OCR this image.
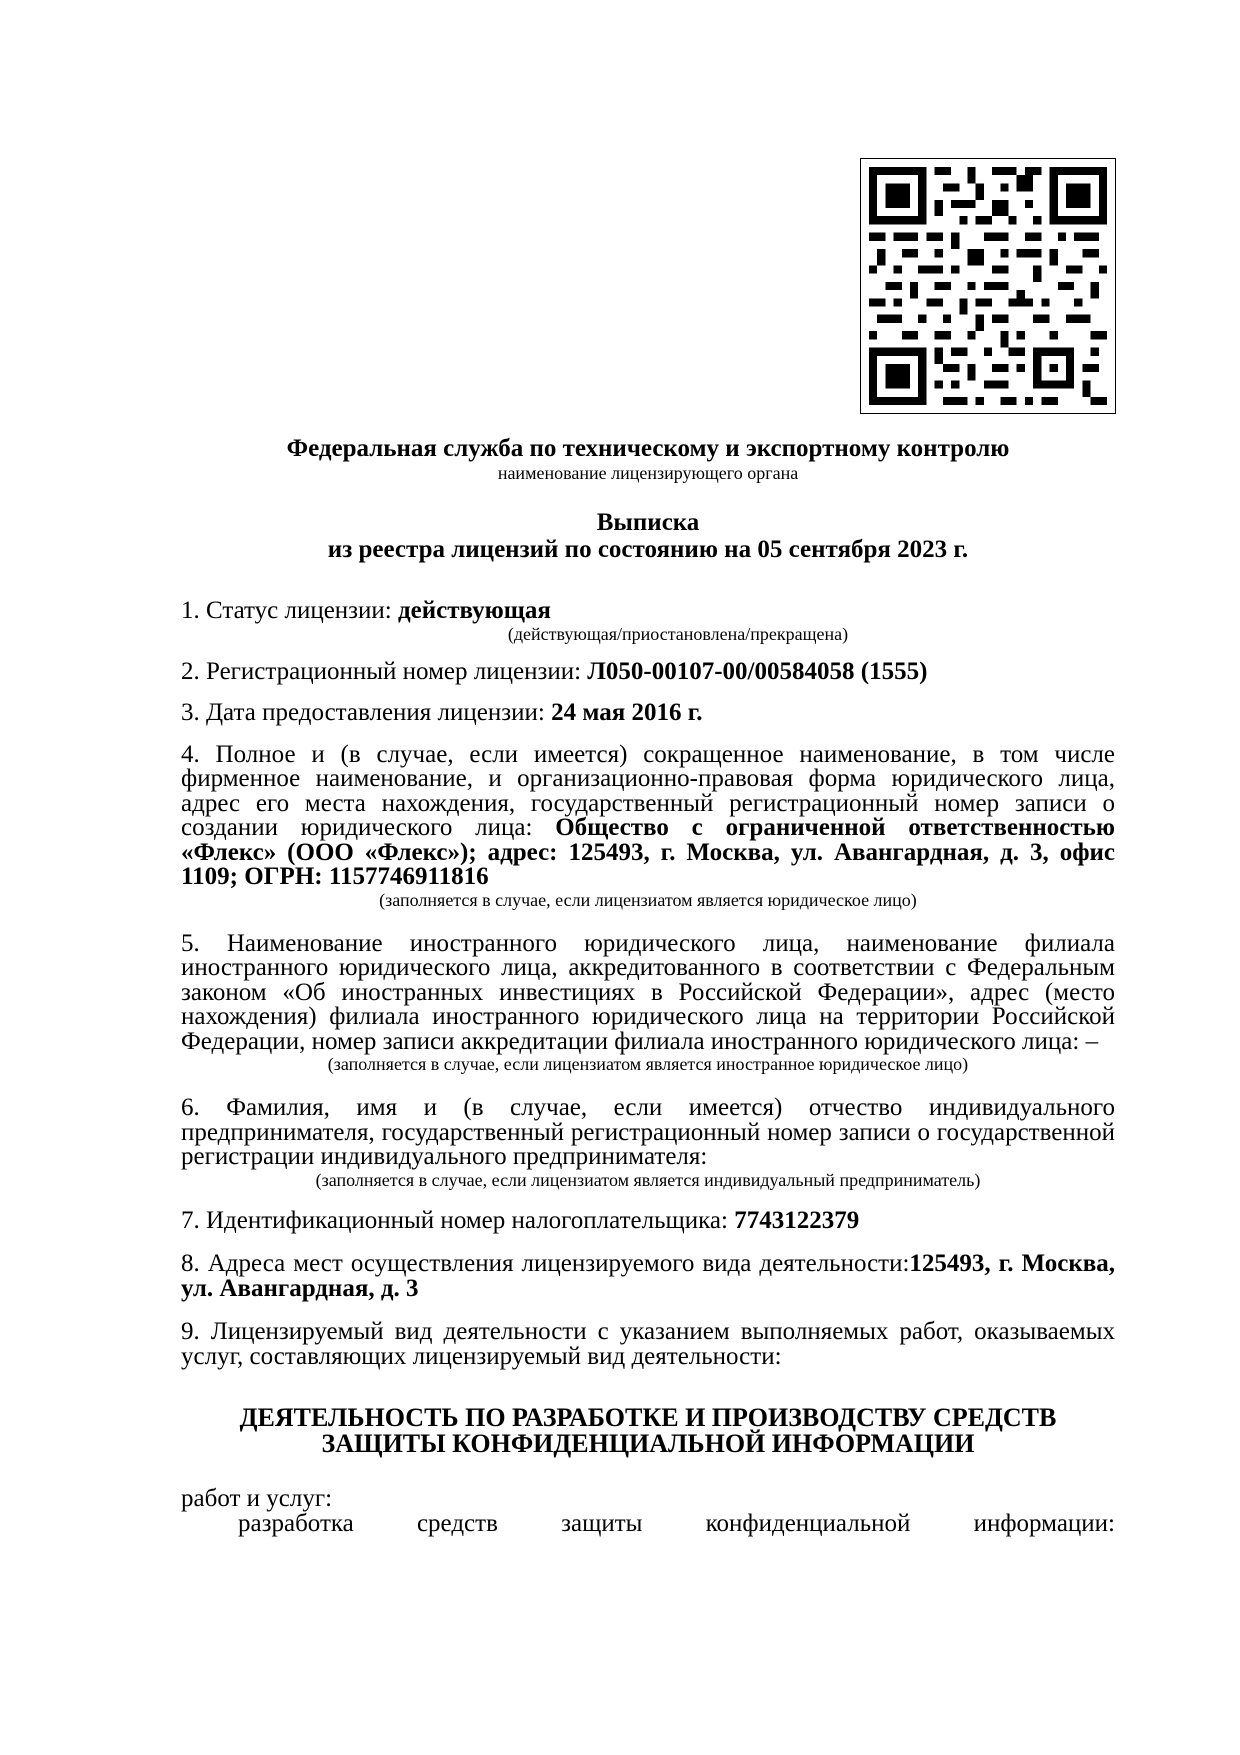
Федеральная служба по техническому и экспортному контролю
наименование лицензирующего органа
Выписка
из реестра лицензий по состоянию на 05 сентября 2023 г.
1. Статус лицензии: действующая
(действующая/приостановлена/прекращена)
2. Регистрационный номер лицензии: Л050-00107-00/00584058 (1555)
3. Дата предоставления лицензии: 24 мая 2016 г.
4. Полное и (в случае, если имеется) сокращенное наименование, в том числе фирменное наименование, и организационно-правовая форма юридического лица, адрес его места нахождения, государственный регистрационный номер записи о создании юридического лица: Общество с ограниченной ответственностью «Флекс» (ООО «Флекс»); адрес: 125493, г. Москва, ул. Авангардная, д. 3, офис 1109; ОГРН: 1157746911816
(заполняется в случае, если лицензиатом является юридическое лицо)
5. Наименование иностранного юридического лица, наименование филиала иностранного юридического лица, аккредитованного в соответствии с Федеральным законом «Об иностранных инвестициях в Российской Федерации», адрес (место нахождения) филиала иностранного юридического лица на территории Российской Федерации, номер записи аккредитации филиала иностранного юридического лица: –
(заполняется в случае, если лицензиатом является иностранное юридическое лицо)
6. Фамилия, имя и (в случае, если имеется) отчество индивидуального предпринимателя, государственный регистрационный номер записи о государственной регистрации индивидуального предпринимателя:
(заполняется в случае, если лицензиатом является индивидуальный предприниматель)
7. Идентификационный номер налогоплательщика: 7743122379
8. Адреса мест осуществления лицензируемого вида деятельности:125493, г. Москва, ул. Авангардная, д. 3
9. Лицензируемый вид деятельности с указанием выполняемых работ, оказываемых услуг, составляющих лицензируемый вид деятельности:
ДЕЯТЕЛЬНОСТЬ ПО РАЗРАБОТКЕ И ПРОИЗВОДСТВУ СРЕДСТВ
ЗАЩИТЫ КОНФИДЕНЦИАЛЬНОЙ ИНФОРМАЦИИ
работ и услуг:
разработка средств защиты конфиденциальной информации:
